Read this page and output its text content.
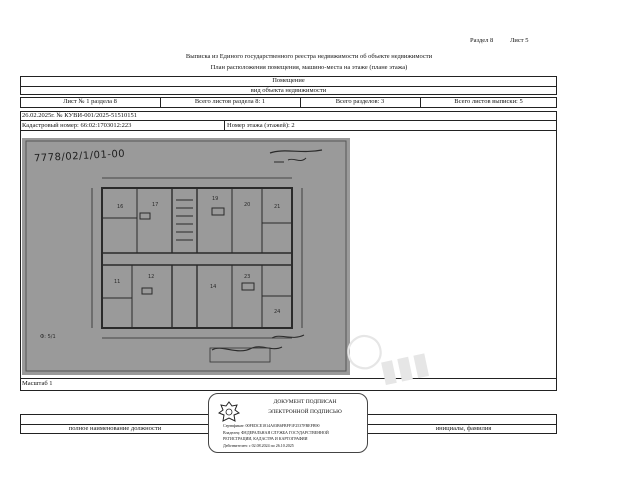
Раздел 8	Лист 5
Выписка из Единого государственного реестра недвижимости об объекте недвижимости
План расположения помещения, машино-места на этаже (плане этажа)
Помещение
вид объекта недвижимости
Лист № 1 раздела 8	Всего листов раздела 8: 1	Всего разделов: 3	Всего листов выписки: 5
26.02.2025г. № КУВИ-001/2025-51510151
Кадастровый номер: 66:02:1703012:223	Номер этажа (этажей): 2
Масштаб 1
7778/02/1/01-00
16	17
19
20	21
11
12
14
23
24
Ф: 5/1	◯
▮▮▮
полное наименование должности	инициалы, фамилия
ДОКУМЕНТ ПОДПИСАН
ЭЛЕКТРОННОЙ ПОДПИСЬЮ
Сертификат: 00FEDCE1814A03B6FBFF1F2537FBEFB90
Владелец: ФЕДЕРАЛЬНАЯ СЛУЖБА ГОСУДАРСТВЕННОЙ
РЕГИСТРАЦИИ, КАДАСТРА И КАРТОГРАФИИ
Действителен: с 02.08.2024 по 26.10.2025
